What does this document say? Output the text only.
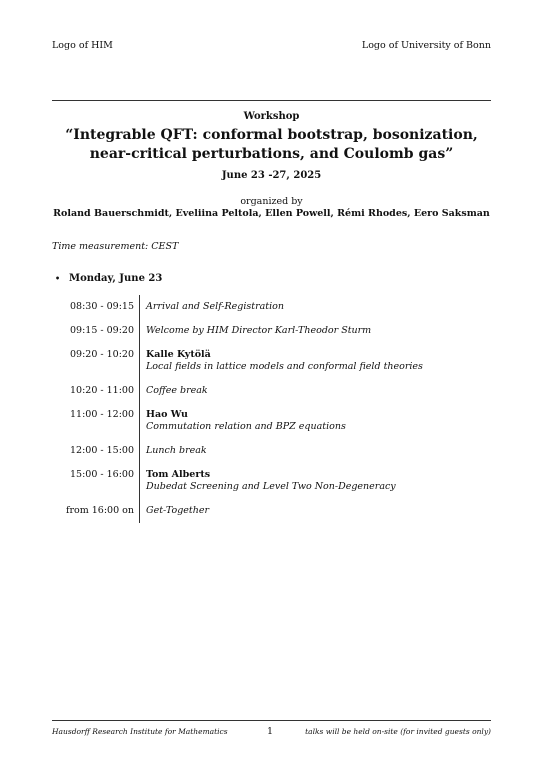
Logo of HIM	Logo of University of Bonn
Workshop
“Integrable QFT: conformal bootstrap, bosonization, near-critical perturbations, and Coulomb gas”
June 23 -27, 2025
organized by
Roland Bauerschmidt, Eveliina Peltola, Ellen Powell, Rémi Rhodes, Eero Saksman
Time measurement: CEST
• Monday, June 23
08:30 - 09:15	Arrival and Self-Registration
09:15 - 09:20	Welcome by HIM Director Karl-Theodor Sturm
09:20 - 10:20	Kalle Kytölä
Local fields in lattice models and conformal field theories
10:20 - 11:00	Coffee break
11:00 - 12:00	Hao Wu
Commutation relation and BPZ equations
12:00 - 15:00	Lunch break
15:00 - 16:00	Tom Alberts
Dubedat Screening and Level Two Non-Degeneracy
from 16:00 on	Get-Together
Hausdorff Research Institute for Mathematics	1	talks will be held on-site (for invited guests only)
